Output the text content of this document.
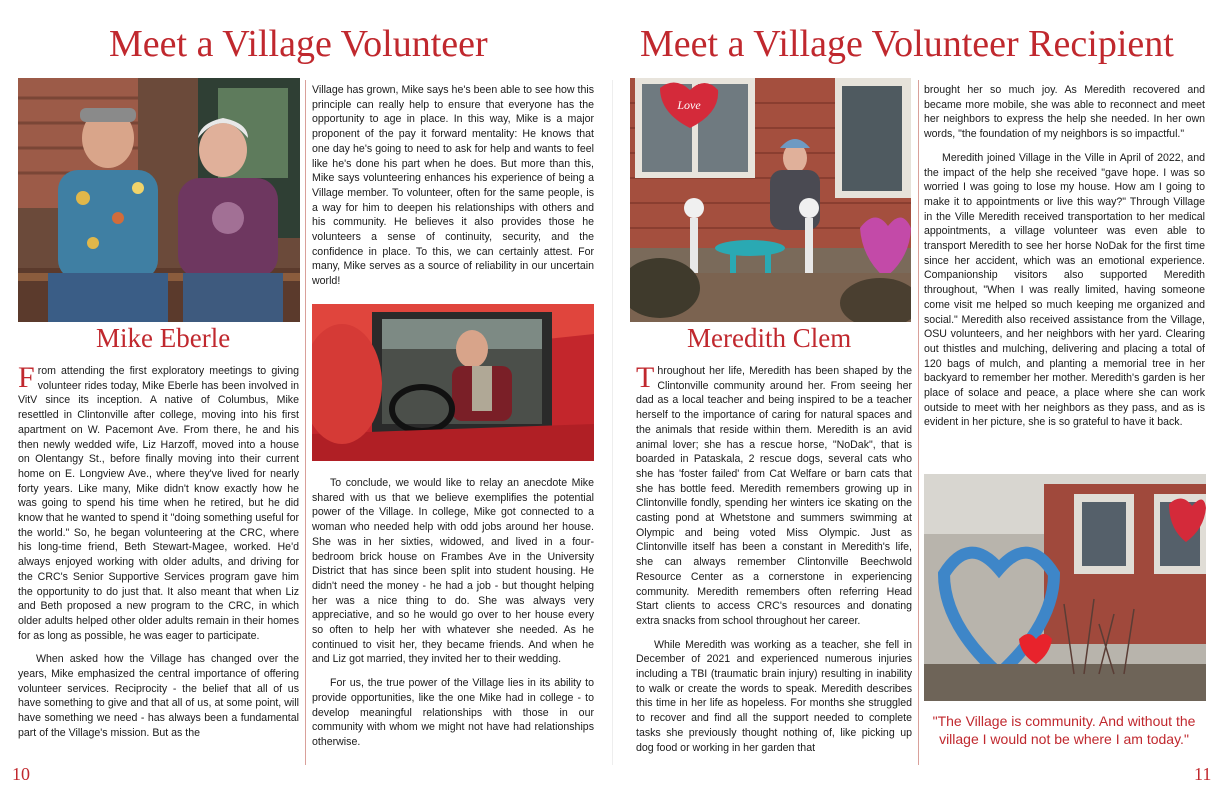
Meet a Village Volunteer
Mike Eberle

From attending the first exploratory meetings to giving volunteer rides today, Mike Eberle has been involved in VitV since its inception. A native of Columbus, Mike resettled in Clintonville after college, moving into his first apartment on W. Pacemont Ave. From there, he and his then newly wedded wife, Liz Harzoff, moved into a house on Olentangy St., before finally moving into their current home on E. Longview Ave., where they've lived for nearly forty years. Like many, Mike didn't know exactly how he was going to spend his time when he retired, but he did know that he wanted to spend it "doing something useful for the world." So, he began volunteering at the CRC, where his long-time friend, Beth Stewart-Magee, worked. He'd always enjoyed working with older adults, and driving for the CRC's Senior Supportive Services program gave him the opportunity to do just that. It also meant that when Liz and Beth proposed a new program to the CRC, in which older adults helped other older adults remain in their homes for as long as possible, he was eager to participate.

When asked how the Village has changed over the years, Mike emphasized the central importance of offering volunteer services. Reciprocity - the belief that all of us have something to give and that all of us, at some point, will have something we need - has always been a fundamental part of the Village's mission. But as the

Village has grown, Mike says he's been able to see how this principle can really help to ensure that everyone has the opportunity to age in place. In this way, Mike is a major proponent of the pay it forward mentality: He knows that one day he's going to need to ask for help and wants to feel like he's done his part when he does. But more than this, Mike says volunteering enhances his experience of being a Village member. To volunteer, often for the same people, is a way for him to deepen his relationships with others and his community. He believes it also provides those he volunteers a sense of continuity, security, and the confidence in place. To this, we can certainly attest. For many, Mike serves as a source of reliability in our uncertain world!

To conclude, we would like to relay an anecdote Mike shared with us that we believe exemplifies the potential power of the Village. In college, Mike got connected to a woman who needed help with odd jobs around her house. She was in her sixties, widowed, and lived in a four-bedroom brick house on Frambes Ave in the University District that has since been split into student housing. He didn't need the money - he had a job - but thought helping her was a nice thing to do. She was always very appreciative, and so he would go over to her house every so often to help her with whatever she needed. As he continued to visit her, they became friends. And when he and Liz got married, they invited her to their wedding.

For us, the true power of the Village lies in its ability to provide opportunities, like the one Mike had in college - to develop meaningful relationships with those in our community with whom we might not have had relationships otherwise.

10
Meet a Village Volunteer Recipient
Love
Meredith Clem

Throughout her life, Meredith has been shaped by the Clintonville community around her. From seeing her dad as a local teacher and being inspired to be a teacher herself to the importance of caring for natural spaces and the animals that reside within them. Meredith is an avid animal lover; she has a rescue horse, "NoDak", that is boarded in Pataskala, 2 rescue dogs, several cats who she has 'foster failed' from Cat Welfare or barn cats that she has bottle feed. Meredith remembers growing up in Clintonville fondly, spending her winters ice skating on the casting pond at Whetstone and summers swimming at Olympic and being voted Miss Olympic. Just as Clintonville itself has been a constant in Meredith's life, she can always remember Clintonville Beechwold Resource Center as a cornerstone in experiencing community. Meredith remembers often referring Head Start clients to access CRC's resources and donating extra snacks from school throughout her career.

While Meredith was working as a teacher, she fell in December of 2021 and experienced numerous injuries including a TBI (traumatic brain injury) resulting in inability to walk or create the words to speak. Meredith describes this time in her life as hopeless. For months she struggled to recover and find all the support needed to complete tasks she previously thought nothing of, like picking up dog food or working in her garden that

brought her so much joy. As Meredith recovered and became more mobile, she was able to reconnect and meet her neighbors to express the help she needed. In her own words, "the foundation of my neighbors is so impactful."

Meredith joined Village in the Ville in April of 2022, and the impact of the help she received "gave hope. I was so worried I was going to lose my house. How am I going to make it to appointments or live this way?" Through Village in the Ville Meredith received transportation to her medical appointments, a village volunteer was even able to transport Meredith to see her horse NoDak for the first time since her accident, which was an emotional experience. Companionship visitors also supported Meredith throughout, "When I was really limited, having someone come visit me helped so much keeping me organized and social." Meredith also received assistance from the Village, OSU volunteers, and her neighbors with her yard. Clearing out thistles and mulching, delivering and placing a total of 120 bags of mulch, and planting a memorial tree in her backyard to remember her mother. Meredith's garden is her place of solace and peace, a place where she can work outside to meet with her neighbors as they pass, and as is evident in her picture, she is so grateful to have it back.

"The Village is community. And without the village I would not be where I am today."
11
